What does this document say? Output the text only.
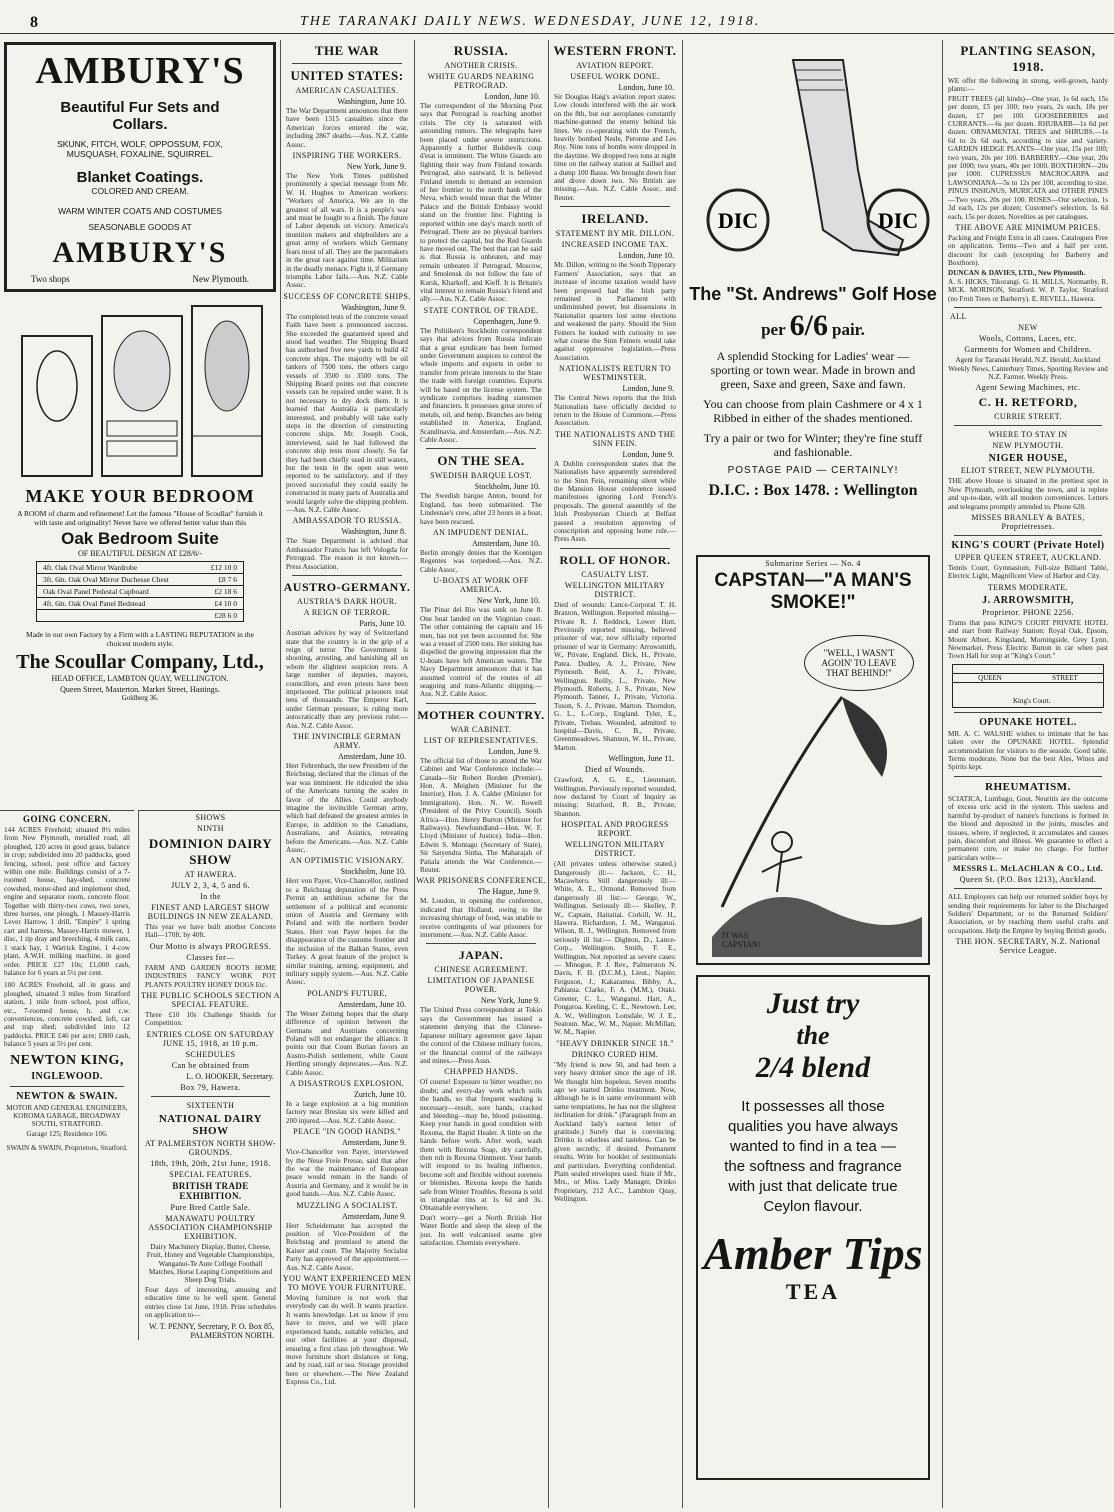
8	THE TARANAKI DAILY NEWS. WEDNESDAY, JUNE 12, 1918.
AMBURY'S
Beautiful Fur Sets and Collars.
SKUNK, FITCH, WOLF, OPPOSSUM, FOX, MUSQUASH, FOXALINE, SQUIRREL.
Blanket Coatings.
COLORED AND CREAM.
WARM WINTER COATS AND COSTUMES
SEASONABLE GOODS AT
AMBURY'S
Two shops	New Plymouth.
MAKE YOUR BEDROOM
A ROOM of charm and refinement! Let the famous "House of Scoullar" furnish it with taste and originality! Never have we offered better value than this
Oak Bedroom Suite
OF BEAUTIFUL DESIGN AT £28/6/-
4ft. Oak Oval Mirror Wardrobe	£12 10 0
3ft. 6in. Oak Oval Mirror Duchesse Chest	£8 7 6
Oak Oval Panel Pedestal Cupboard	£2 18 6
4ft. 6in. Oak Oval Panel Bedstead	£4 10 0
£28 6 0
Made in our own Factory by a Firm with a LASTING REPUTATION in the choicest modern style.
The Scoullar Company, Ltd.,
HEAD OFFICE, LAMBTON QUAY, WELLINGTON.
Queen Street, Masterton. Market Street, Hastings.
Goldberg 36.
GOING CONCERN.

144 ACRES Freehold; situated 8½ miles from New Plymouth, metalled road, all ploughed, 120 acres in good grass, balance in crop; subdivided into 20 paddocks, good fencing, school, post office and factory within one mile. Buildings consist of a 7-roomed house, hay-shed, concrete cowshed, motor-shed and implement shed, engine and separator room, concrete floor. Together with thirty-two cows, two sows, three horses, one plough, 1 Massey-Harris Lever Harrow, 1 drill, "Empire" 1 spring cart and harness, Massey-Harris mower, 1 disc, 1 tip dray and breeching, 4 milk cans, 1 stack hay, 1 Warrick Engine, 1 4-cow plant, A.W.H. milking machine, in good order. PRICE £27 10s; £1,000 cash, balance for 6 years at 5½ per cent.

100 ACRES Freehold, all in grass and ploughed, situated 3 miles from Stratford station, 1 mile from school, post office, etc., 7-roomed house, h. and c.w. conveniences, concrete cowshed, loft, car and trap shed; subdivided into 12 paddocks. PRICE £46 per acre; £800 cash, balance 5 years at 5½ per cent.

NEWTON KING,
INGLEWOOD.
NEWTON & SWAIN.

MOTOR AND GENERAL ENGINEERS, KOROMA GARAGE, BROADWAY SOUTH, STRATFORD.

Garage 125; Residence 106.

SWAIN & SWAIN, Proprietors, Stratford.

SHOWS
NINTH
DOMINION DAIRY SHOW
AT HAWERA.
JULY 2, 3, 4, 5 and 6.
In the
FINEST AND LARGEST SHOW BUILDINGS IN NEW ZEALAND.

This year we have built another Concrete Hall—170ft. by 40ft.

Our Motto is always PROGRESS.
Classes for—

FARM AND GARDEN ROOTS HOME INDUSTRIES FANCY WORK POT PLANTS POULTRY HONEY DOGS Etc.

THE PUBLIC SCHOOLS SECTION A SPECIAL FEATURE.

Three £10 10s Challenge Shields for Competition.

ENTRIES CLOSE ON SATURDAY JUNE 15, 1918, at 10 p.m.
SCHEDULES
Can be obtained from
L. O. HOOKER, Secretary.
Box 79, Hawera.
SIXTEENTH
NATIONAL DAIRY SHOW
AT PALMERSTON NORTH SHOW-GROUNDS.
18th, 19th, 20th, 21st June, 1918.
SPECIAL FEATURES.
BRITISH TRADE EXHIBITION.
Pure Bred Cattle Sale.
MANAWATU POULTRY ASSOCIATION CHAMPIONSHIP EXHIBITION.

Dairy Machinery Display, Butter, Cheese, Fruit, Honey and Vegetable Championships, Wanganui-Te Aute College Football Matches, Horse Leaping Competitions and Sheep Dog Trials.

Four days of interesting, amusing and educative time to be well spent. General entries close 1st June, 1918. Prize schedules on application to—

W. T. PENNY, Secretary, P. O. Box 85, PALMERSTON NORTH.
THE WAR
UNITED STATES:
AMERICAN CASUALTIES.
Washington, June 10.

The War Department announces that there have been 1315 casualties since the American forces entered the war, including 2867 deaths.—Aus. N.Z. Cable Assoc.

INSPIRING THE WORKERS.
New York, June 9.

The New York Times published prominently a special message from Mr. W. H. Hughes to American workers: "Workers of America. We are in the greatest of all wars. It is a people's war and must be fought to a finish. The future of Labor depends on victory. America's munition makers and shipbuilders are a great army of workers which Germany fears most of all. They are the pacemakers in the great race against time. Militarism in the deadly menace. Fight it, if Germany triumphs Labor fails.—Aus. N.Z. Cable Assoc.

SUCCESS OF CONCRETE SHIPS.
Washington, June 9.

The completed tests of the concrete vessel Faith have been a pronounced success. She exceeded the guaranteed speed and stood bad weather. The Shipping Board has authorised five new yards to build 42 concrete ships. The majority will be oil tankers of 7500 tons, the others cargo vessels of 3500 to 3500 tons. The Shipping Board points out that concrete vessels can be repaired under water. It is not necessary to dry dock them. It is learned that Australia is particularly interested, and probably will take early steps in the direction of constructing concrete ships. Mr. Joseph Cook, interviewed, said he had followed the concrete ship tests most closely. So far they had been chiefly used in still waters, but the tests in the open seas were reported to be satisfactory, and if they proved successful they could easily be constructed in many parts of Australia and would largely solve the shipping problem.—Aus. N.Z. Cable Assoc.

AMBASSADOR TO RUSSIA.
Washington, June 8.

The State Department is advised that Ambassador Francis has left Vologda for Petrograd. The reason is not known.—Press Association.

AUSTRO-GERMANY.
AUSTRIA'S DARK HOUR.
A REIGN OF TERROR.
Paris, June 10.

Austrian advices by way of Switzerland state that the country is in the grip of a reign of terror. The Government is shooting, arresting, and banishing all on whom the slightest suspicion rests. A large number of deputies, mayors, councillors, and even priests have been imprisoned. The political prisoners total tens of thousands. The Emperor Karl, under German pressure, is ruling more autocratically than any previous ruler.—Aus. N.Z. Cable Assoc.

THE INVINCIBLE GERMAN ARMY.
Amsterdam, June 10.

Herr Fehrenbach, the new President of the Reichstag, declared that the climax of the war was imminent. He ridiculed the idea of the Americans turning the scales in favor of the Allies. Could anybody imagine the invincible German army, which had defeated the greatest armies in Europe, in addition to the Canadians, Australians, and Asiatics, retreating before the Americans.—Aus. N.Z. Cable Assoc.

AN OPTIMISTIC VISIONARY.
Stockholm, June 10.

Herr von Payer, Vice-Chancellor, outlined to a Reichstag deputation of the Press Permit an ambitious scheme for the settlement of a political and economic union of Austria and Germany with Poland and with the northern border States. Herr von Payer hopes for the disappearance of the customs frontier and the inclusion of the Balkan States, even Turkey. A great feature of the project is similar training, arming, equipment, and military supply system.—Aus. N.Z. Cable Assoc.

POLAND'S FUTURE.
Amsterdam, June 10.

The Weser Zeitung hopes that the sharp difference of opinion between the Germans and Austrians concerning Poland will not endanger the alliance. It points out that Count Burian favors an Austro-Polish settlement, while Count Hertling strongly deprecates.—Aus. N.Z. Cable Assoc.

A DISASTROUS EXPLOSION.
Zurich, June 10.

In a large explosion at a big munition factory near Breslau six were killed and 200 injured.—Aus. N.Z. Cable Assoc.

PEACE "IN GOOD HANDS."
Amsterdam, June 9.

Vice-Chancellor von Payer, interviewed by the Neue Freie Presse, said that after the war the maintenance of European peace would remain in the hands of Austria and Germany, and it would be in good hands.—Aus. N.Z. Cable Assoc.

MUZZLING A SOCIALIST.
Amsterdam, June 9.

Herr Scheidemann has accepted the position of Vice-President of the Reichstag and promised to attend the Kaiser and court. The Majority Socialist Party has approved of the appointment.—Aus. N.Z. Cable Assoc.

YOU WANT EXPERIENCED MEN TO MOVE YOUR FURNITURE.

Moving furniture is not work that everybody can do well. It wants practice. It wants knowledge. Let us know if you have to move, and we will place experienced hands, suitable vehicles, and our other facilities at your disposal, ensuring a first class job throughout. We move furniture short distances or long, and by road, rail or sea. Storage provided here or elsewhere.—The New Zealand Express Co., Ltd.

RUSSIA.
ANOTHER CRISIS.
WHITE GUARDS NEARING PETROGRAD.
London, June 10.

The correspondent of the Morning Post says that Petrograd is reaching another crisis. The city is saturated with astounding rumors. The telegraphs have been placed under severe restrictions. Apparently a further Bolshevik coup d'etat is imminent. The White Guards are fighting their way from Finland towards Petrograd, also eastward. It is believed Finland intends to demand an extension of her frontier to the north bank of the Neva, which would mean that the Winter Palace and the British Embassy would stand on the frontier line. Fighting is reported within one day's march north of Petrograd. There are no physical barriers to protect the capital, but the Red Guards have moved out. The best that can be said is that Russia is unbeaten, and may remain unbeaten if Petrograd, Moscow, and Smolensk do not follow the fate of Kursk, Kharkoff, and Kieff. It is Britain's vital interest to remain Russia's friend and ally.—Aus. N.Z. Cable Assoc.

STATE CONTROL OF TRADE.
Copenhagen, June 9.

The Politiken's Stockholm correspondent says that advices from Russia indicate that a great syndicate has been formed under Government auspices to control the whole imports and exports in order to transfer from private interests to the State the trade with foreign countries. Exports will be based on the license system. The syndicate comprises leading statesmen and financiers. It possesses great stores of metals, oil, and hemp. Branches are being established in America, England, Scandinavia, and Amsterdam.—Aus. N.Z. Cable Assoc.

ON THE SEA.
SWEDISH BARQUE LOST.
Stockholm, June 10.

The Swedish barque Anton, bound for England, has been submarined. The Lindesnae's crew, after 23 hours in a boat, have been rescued.

AN IMPUDENT DENIAL.
Amsterdam, June 10.

Berlin strongly denies that the Koenigen Regentes was torpedoed.—Aus. N.Z. Cable Assoc.

U-BOATS AT WORK OFF AMERICA.
New York, June 10.

The Pinar del Rio was sunk on June 8. One boat landed on the Virginian coast. The other containing the captain and 16 men, has not yet been accounted for. She was a vessel of 2500 tons. Her sinking has dispelled the growing impression that the U-boats have left American waters. The Navy Department announces that it has assumed control of the routes of all seagoing and trans-Atlantic shipping.—Aus. N.Z. Cable Assoc.

MOTHER COUNTRY.
WAR CABINET.
LIST OF REPRESENTATIVES.
London, June 9.

The official list of those to attend the War Cabinet and War Conference include:— Canada—Sir Robert Borden (Premier), Hon. A. Meighen (Minister for the Interior), Hon. J. A. Calder (Minister for Immigration), Hon. N. W. Rowell (President of the Privy Council). South Africa—Hon. Henry Burton (Minister for Railways). Newfoundland—Hon. W. F. Lloyd (Minister of Justice). India—Hon. Edwin S. Montagu (Secretary of State), Sir Satyendra Sinha, The Maharajah of Patiala attends the War Conference.—Reuter.

WAR PRISONERS CONFERENCE.
The Hague, June 9.

M. Loudon, in opening the conference, indicated that Holland, owing to the increasing shortage of food, was unable to receive contingents of war prisoners for internment.—Aus. N.Z. Cable Assoc.

JAPAN.
CHINESE AGREEMENT.
LIMITATION OF JAPANESE POWER.
New York, June 9.

The United Press correspondent at Tokio says the Government has issued a statement denying that the Chinese-Japanese military agreement gave Japan the control of the Chinese military forces, or the financial control of the railways and mines.—Press Assn.

CHAPPED HANDS.

Of course! Exposure to bitter weather; no doubt; and every-day work which soils the hands, so that frequent washing is necessary—result, sore hands, cracked and bleeding—may be, blood poisoning. Keep your hands in good condition with Rexona, the Rapid Healer. A little on the hands before work. After work, wash them with Rexona Soap, dry carefully, then rub in Rexona Ointment. Your hands will respond to its healing influence, become soft and flexible without soreness or blemishes. Rexona keeps the hands safe from Winter Troubles. Rexona is sold in triangular tins at 1s 6d and 3s. Obtainable everywhere.

Don't worry—get a North British Hot Water Bottle and sleep the sleep of the just. Its well vulcanised seams give satisfaction. Chemists everywhere.

WESTERN FRONT.
AVIATION REPORT.
USEFUL WORK DONE.
London, June 10.

Sir Douglas Haig's aviation report states: Low clouds interfered with the air work on the 8th, but our aeroplanes constantly machine-gunned the enemy behind his lines. We co-operating with the French, heavily bombed Nesle, Peronne and Les Roy. Nine tons of bombs were dropped in the daytime. We dropped two tons at night time on the railway station at Saillsel and a dump 100 Basse. We brought down four and drove down two. No British are missing.—Aus. N.Z. Cable Assoc. and Reuter.

IRELAND.
STATEMENT BY MR. DILLON.
INCREASED INCOME TAX.
London, June 10.

Mr. Dillon, writing to the South Tipperary Farmers' Association, says that an increase of income taxation would have been proposed had the Irish party remained in Parliament with undiminished power, but dissensions in Nationalist quarters lost some elections and weakened the party. Should the Sinn Feiners be looked with curiosity to see what course the Sinn Feiners would take against oppressive legislation.—Press Association.

NATIONALISTS RETURN TO WESTMINSTER.
London, June 9.

The Central News reports that the Irish Nationalists have officially decided to return to the House of Commons.—Press Association.

THE NATIONALISTS AND THE SINN FEIN.
London, June 9.

A Dublin correspondent states that the Nationalists have apparently surrendered to the Sinn Fein, remaining silent while the Mansion House conference issued manifestoes ignoring Lord French's proposals. The general assembly of the Irish Presbyterian Church at Belfast passed a resolution approving of conscription and opposing home rule.—Press Assn.

ROLL OF HONOR.
CASUALTY LIST.
WELLINGTON MILITARY DISTRICT.

Died of wounds: Lance-Corporal T. H. Braxton, Wellington. Reported missing—Private R. J. Reddock, Lower Hutt. Previously reported missing, believed prisoner of war, now officially reported prisoner of war in Germany: Arrowsmith, W., Private, England. Dick, H., Private, Patea. Dudley, A. J., Private, New Plymouth. Reid, A. J., Private, Wellington. Reilly, L., Private, New Plymouth. Roberts, J. S., Private, New Plymouth. Tanner, J., Private, Victoria. Tuson, S. J., Private, Marton. Thorndon, G. L., L.-Corp., England. Tyler, E., Private, Trebau. Wounded, admitted to hospital—Davis, C. B., Private, Greenmeadows. Shannon, W. H., Private, Marton.

Wellington, June 11.
Died of Wounds.

Crawford, A. G. E., Lieutenant, Wellington. Previously reported wounded, now declared by Court of Inquiry as missing: Stratford, R. B., Private, Shannon.

HOSPITAL AND PROGRESS REPORT.
WELLINGTON MILITARY DISTRICT.

(All privates unless otherwise stated.) Dangerously ill:— Jackson, C. H., Macawhero. Still dangerously ill:— White, A. E., Ormond. Removed from dangerously ill list:— George, W., Wellington. Seriously ill:— Skelley, P. W., Captain, Haitaitai. Corkill, W. H., Hawera. Richardson, J. M., Wanganui. Wilson, R. J., Wellington. Removed from seriously ill list:— Dighton, D., Lance-Corp., Wellington. Smith, F. E., Wellington. Not reported as severe cases:— Minogue, P. J. Rev., Palmerston N. Davis, F. H. (D.C.M.), Lieut., Napier. Ferguson, J., Kakaramea. Bibby, A., Pahiatua. Clarke, F. A. (M.M.), Otaki. Greener, C. L., Wanganui. Hart, A., Pongaroa. Keeling, C. E., Newtown. Lee, A. W., Wellington. Lonsdale, W. J. E., Seatoun. Mac, W. M., Napier. McMillan, W. M., Napier.

"HEAVY DRINKER SINCE 18."
DRINKO CURED HIM.

"My friend is now 50, and had been a very heavy drinker since the age of 18. We thought him hopeless. Seven months ago we started Drinko treatment. Now, although he is in same environment with same temptations, he has not the slightest inclination for drink." (Paragraph from an Auckland lady's earnest letter of gratitude.) Surely that is convincing. Drinko is odorless and tasteless. Can be given secretly, if desired. Permanent results. Write for booklet of testimonials and particulars. Everything confidential. Plain sealed envelopes used. State if Mr., Mrs., or Miss. Lady Manager, Drinko Proprietary, 212 A.C., Lambton Quay, Wellington.

DIC	DIC
The "St. Andrews" Golf Hose
per 6/6 pair.
A splendid Stocking for Ladies' wear — sporting or town wear. Made in brown and green, Saxe and green, Saxe and fawn.
You can choose from plain Cashmere or 4 x 1 Ribbed in either of the shades mentioned.
Try a pair or two for Winter; they're fine stuff and fashionable.
POSTAGE PAID — CERTAINLY!
D.I.C. : Box 1478. : Wellington
Submarine Series — No. 4
CAPSTAN—"A MAN'S SMOKE!"
"WELL, I WASN'T AGOIN' TO LEAVE THAT BEHIND!"
IT WAS CAPSTAN!
Just try
the
2/4 blend
It possesses all those qualities you have always wanted to find in a tea — the softness and fragrance with just that delicate true Ceylon flavour.
Amber Tips
TEA
PLANTING SEASON, 1918.

WE offer the following in strong, well-grown, hardy plants:—

FRUIT TREES (all kinds)—One year, 1s 6d each, 15s per dozen, £5 per 100; two years, 2s each, 18s per dozen, £7 per 100. GOOSEBERRIES and CURRANTS.—6s per dozen. RHUBARB—1s 6d per dozen. ORNAMENTAL TREES and SHRUBS.—1s 6d to 2s 6d each, according to size and variety. GARDEN HEDGE PLANTS—One year, 15s per 100; two years, 20s per 100. BARBERRY.—One year, 20s per 1000; two years, 40s per 1000. BOXTHORN—20s per 1000. CUPRESSUS MACROCARPA and LAWSONIANA—5s to 12s per 100, according to size. PINUS INSIGNUS, MURICATA and OTHER PINES—Two years, 20s per 100. ROSES—Our selection, 1s 3d each, 12s per dozen; Customer's selection, 1s 6d each, 15s per dozen. Novelties as per catalogues.

THE ABOVE ARE MINIMUM PRICES.

Packing and Freight Extra in all cases. Catalogues Free on application. Terms—Two and a half per cent. discount for cash (excepting for Barberry and Boxthorn).

DUNCAN & DAVIES, LTD., New Plymouth.

A. S. HICKS, Tikorangi. G. H. MILLS, Normanby. R. MCK. MORISON, Stratford. W. P. Taylor, Stratford (no Fruit Trees or Barberry). E. REVELL, Hawera.

ALL
NEW
Wools, Cottons, Laces, etc.
Garments for Women and Children.

Agent for Taranaki Herald, N.Z. Herald, Auckland Weekly News, Canterbury Times, Sporting Review and N.Z. Farmer. Weekly Press.

Agent Sewing Machines, etc.
C. H. RETFORD,
CURRIE STREET.
WHERE TO STAY IN
NEW PLYMOUTH.
NIGER HOUSE,
ELIOT STREET, NEW PLYMOUTH.

THE above House is situated in the prettiest spot in New Plymouth, overlooking the town, and is replete and up-to-date, with all modern conveniences. Letters and telegrams promptly attended to. Phone 628.

MISSES BRANLEY & BATES, Proprietresses.
KING'S COURT (Private Hotel)
UPPER QUEEN STREET, AUCKLAND.

Tennis Court, Gymnasium, Full-size Billiard Table, Electric Light, Magnificent View of Harbor and City.

TERMS MODERATE.
J. ARROWSMITH,
Proprietor. PHONE 2256.

Trams that pass KING'S COURT PRIVATE HOTEL and start from Railway Station: Royal Oak, Epsom, Mount Albert, Kingsland, Morningside, Grey Lynn, Newmarket. Press Electric Button in car when past Town Hall for stop at "King's Court."

QUEEN	STREET
King's Court.
OPUNAKE HOTEL.

MR. A. C. WALSHE wishes to intimate that he has taken over the OPUNAKE HOTEL. Splendid accommodation for visitors to the seaside. Good table. Terms moderate. None but the best Ales, Wines and Spirits kept.

RHEUMATISM.

SCIATICA, Lumbago, Gout, Neuritis are the outcome of excess uric acid in the system. This useless and harmful by-product of nature's functions is formed in the blood and deposited in the joints, muscles and tissues, where, if neglected, it accumulates and causes pain, discomfort and illness. We guarantee to effect a permanent cure, or make no charge. For further particulars write—

MESSRS L. McLACHLAN & CO., Ltd.
Queen St. (P.O. Box 1213), Auckland.

ALL Employers can help our returned soldier boys by sending their requirements for labor to the Discharged Soldiers' Department, or to the Returned Soldiers' Association, or by reaching them useful crafts and occupations. Help the Empire by buying British goods.

THE HON. SECRETARY, N.Z. National Service League.
